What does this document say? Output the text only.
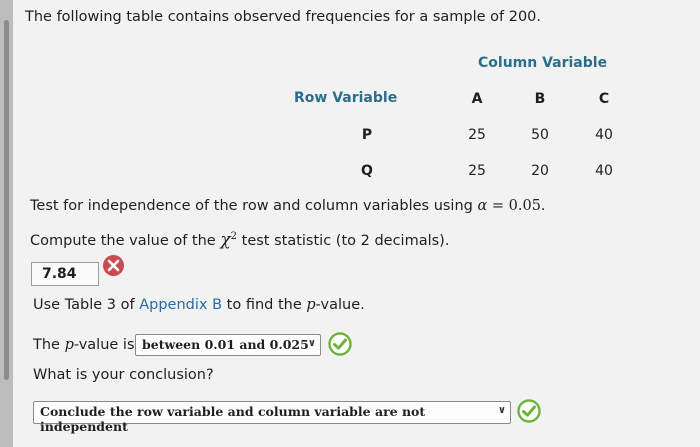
The following table contains observed frequencies for a sample of 200.
Column Variable
Row Variable	A	B	C
P	25	50	40
Q	25	20	40
Test for independence of the row and column variables using α = 0.05.
Compute the value of the $\chi^2$ test statistic (to 2 decimals).
7.84
Use Table 3 of Appendix B to find the p-value.
The p-value is between 0.01 and 0.025 ∨
What is your conclusion?
Conclude the row variable and column variable are not independent
∨
